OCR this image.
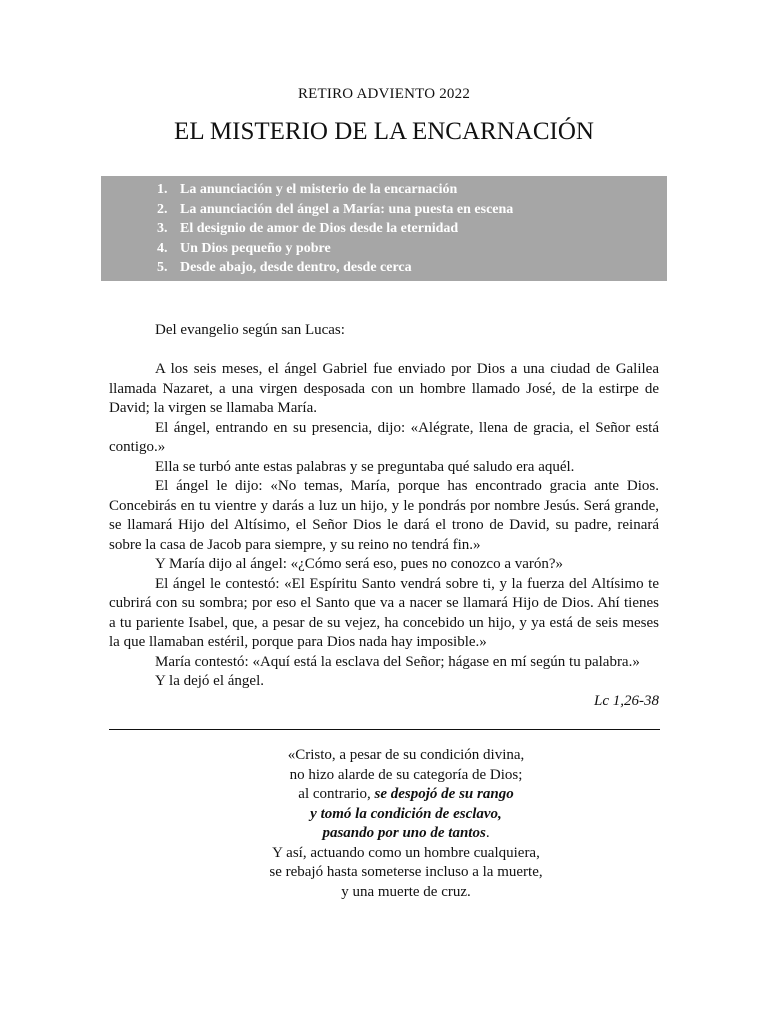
RETIRO ADVIENTO 2022
EL MISTERIO DE LA ENCARNACIÓN
1. La anunciación y el misterio de la encarnación
2. La anunciación del ángel a María: una puesta en escena
3. El designio de amor de Dios desde la eternidad
4. Un Dios pequeño y pobre
5. Desde abajo, desde dentro, desde cerca

Del evangelio según san Lucas:

A los seis meses, el ángel Gabriel fue enviado por Dios a una ciudad de Galilea llamada Nazaret, a una virgen desposada con un hombre llamado José, de la estirpe de David; la virgen se llamaba María.

El ángel, entrando en su presencia, dijo: «Alégrate, llena de gracia, el Señor está contigo.»

Ella se turbó ante estas palabras y se preguntaba qué saludo era aquél.

El ángel le dijo: «No temas, María, porque has encontrado gracia ante Dios. Concebirás en tu vientre y darás a luz un hijo, y le pondrás por nombre Jesús. Será grande, se llamará Hijo del Altísimo, el Señor Dios le dará el trono de David, su padre, reinará sobre la casa de Jacob para siempre, y su reino no tendrá fin.»

Y María dijo al ángel: «¿Cómo será eso, pues no conozco a varón?»

El ángel le contestó: «El Espíritu Santo vendrá sobre ti, y la fuerza del Altísimo te cubrirá con su sombra; por eso el Santo que va a nacer se llamará Hijo de Dios. Ahí tienes a tu pariente Isabel, que, a pesar de su vejez, ha concebido un hijo, y ya está de seis meses la que llamaban estéril, porque para Dios nada hay imposible.»

María contestó: «Aquí está la esclava del Señor; hágase en mí según tu palabra.»

Y la dejó el ángel.

Lc 1,26-38

«Cristo, a pesar de su condición divina,
no hizo alarde de su categoría de Dios;
al contrario, se despojó de su rango
y tomó la condición de esclavo,
pasando por uno de tantos.
Y así, actuando como un hombre cualquiera,
se rebajó hasta someterse incluso a la muerte,
y una muerte de cruz.
